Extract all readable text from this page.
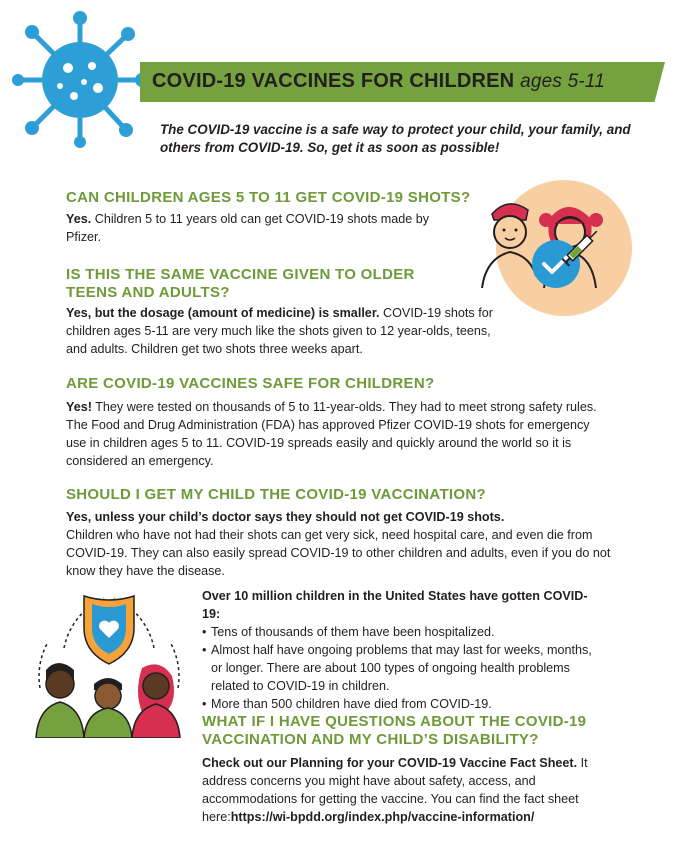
COVID-19 VACCINES FOR CHILDREN ages 5-11
The COVID-19 vaccine is a safe way to protect your child, your family, and others from COVID-19. So, get it as soon as possible!
CAN CHILDREN AGES 5 TO 11 GET COVID-19 SHOTS?
Yes. Children 5 to 11 years old can get COVID-19 shots made by Pfizer.
IS THIS THE SAME VACCINE GIVEN TO OLDER TEENS AND ADULTS?
Yes, but the dosage (amount of medicine) is smaller. COVID-19 shots for children ages 5-11 are very much like the shots given to 12 year-olds, teens, and adults. Children get two shots three weeks apart.
ARE COVID-19 VACCINES SAFE FOR CHILDREN?
Yes! They were tested on thousands of 5 to 11-year-olds. They had to meet strong safety rules. The Food and Drug Administration (FDA) has approved Pfizer COVID-19 shots for emergency use in children ages 5 to 11. COVID-19 spreads easily and quickly around the world so it is considered an emergency.
SHOULD I GET MY CHILD THE COVID-19 VACCINATION?
Yes, unless your child’s doctor says they should not get COVID-19 shots.
Children who have not had their shots can get very sick, need hospital care, and even die from COVID-19. They can also easily spread COVID-19 to other children and adults, even if you do not know they have the disease.
Over 10 million children in the United States have gotten COVID-19:
• Tens of thousands of them have been hospitalized.
• Almost half have ongoing problems that may last for weeks, months, or longer. There are about 100 types of ongoing health problems related to COVID-19 in children.
• More than 500 children have died from COVID-19.
WHAT IF I HAVE QUESTIONS ABOUT THE COVID-19 VACCINATION AND MY CHILD’S DISABILITY?
Check out our Planning for your COVID-19 Vaccine Fact Sheet. It address concerns you might have about safety, access, and accommodations for getting the vaccine. You can find the fact sheet here:https://wi-bpdd.org/index.php/vaccine-information/
